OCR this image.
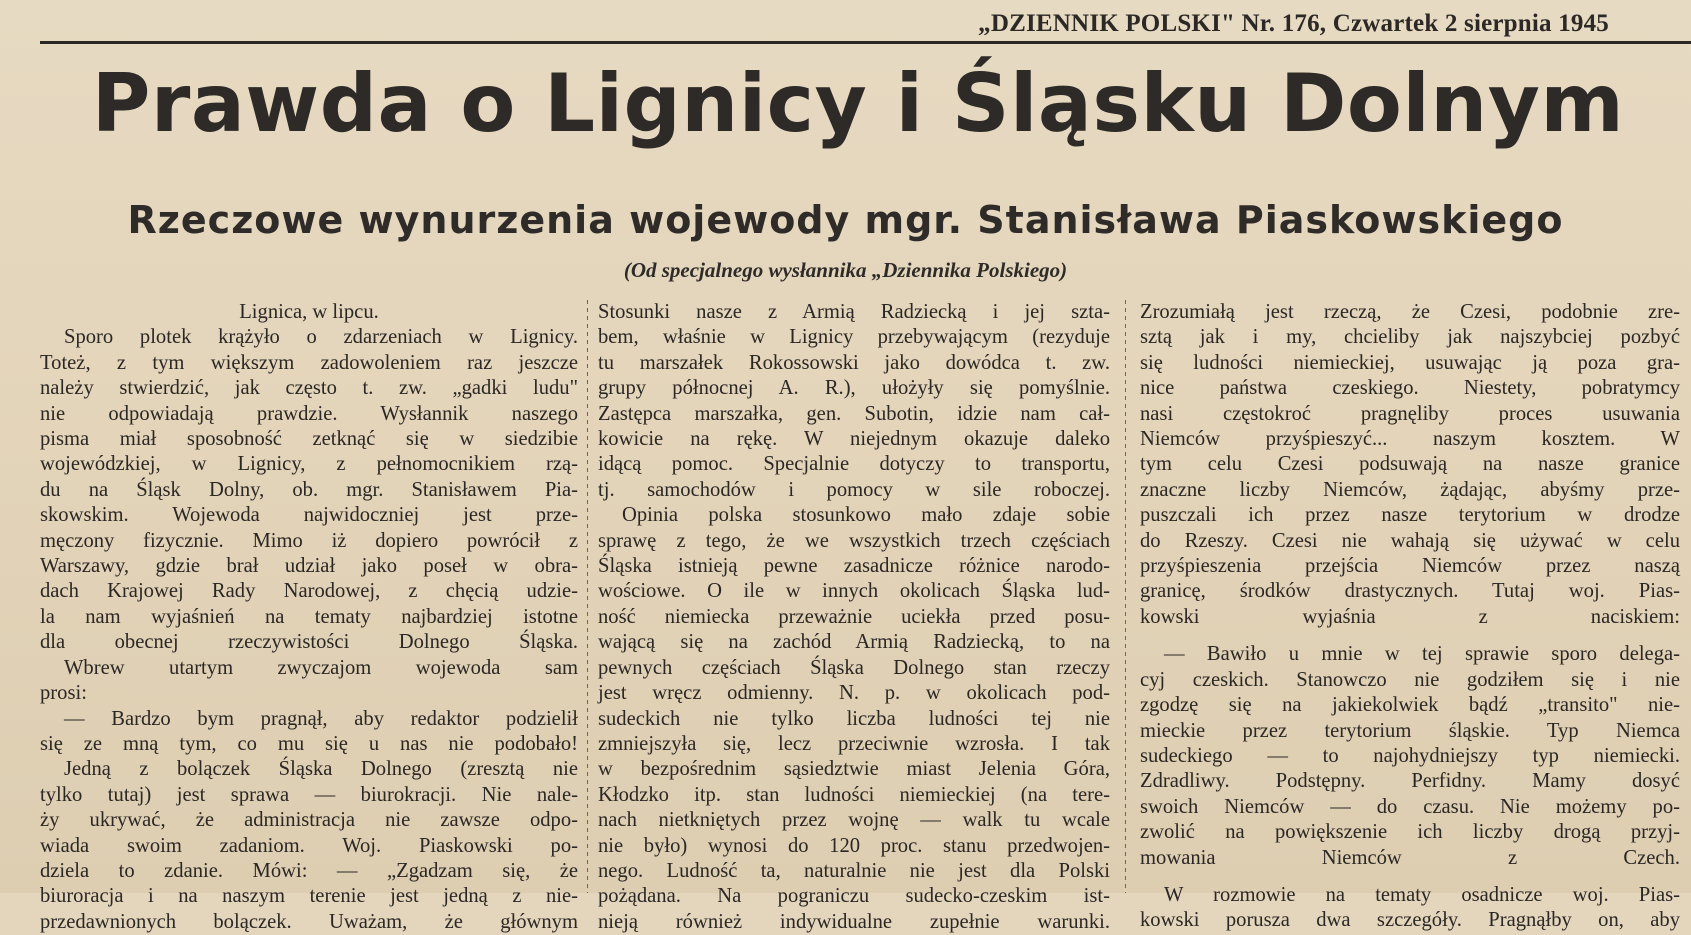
„DZIENNIK POLSKI" Nr. 176, Czwartek 2 sierpnia 1945
Prawda o Lignicy i Śląsku Dolnym
Rzeczowe wynurzenia wojewody mgr. Stanisława Piaskowskiego
(Od specjalnego wysłannika „Dziennika Polskiego)

Lignica, w lipcu.

Sporo plotek krążyło o zdarzeniach w Lignicy.

Toteż, z tym większym zadowoleniem raz jeszcze

należy stwierdzić, jak często t. zw. „gadki ludu"

nie odpowiadają prawdzie. Wysłannik naszego

pisma miał sposobność zetknąć się w siedzibie

wojewódzkiej, w Lignicy, z pełnomocnikiem rzą-

du na Śląsk Dolny, ob. mgr. Stanisławem Pia-

skowskim. Wojewoda najwidoczniej jest prze-

męczony fizycznie. Mimo iż dopiero powrócił z

Warszawy, gdzie brał udział jako poseł w obra-

dach Krajowej Rady Narodowej, z chęcią udzie-

la nam wyjaśnień na tematy najbardziej istotne

dla obecnej rzeczywistości Dolnego Śląska.

Wbrew utartym zwyczajom wojewoda sam

prosi:

— Bardzo bym pragnął, aby redaktor podzielił

się ze mną tym, co mu się u nas nie podobało!

Jedną z bolączek Śląska Dolnego (zresztą nie

tylko tutaj) jest sprawa — biurokracji. Nie nale-

ży ukrywać, że administracja nie zawsze odpo-

wiada swoim zadaniom. Woj. Piaskowski po-

dziela to zdanie. Mówi: — „Zgadzam się, że

biuroracja i na naszym terenie jest jedną z nie-

przedawnionych bolączek. Uważam, że głównym

Stosunki nasze z Armią Radziecką i jej szta-

bem, właśnie w Lignicy przebywającym (rezyduje

tu marszałek Rokossowski jako dowódca t. zw.

grupy północnej A. R.), ułożyły się pomyślnie.

Zastępca marszałka, gen. Subotin, idzie nam cał-

kowicie na rękę. W niejednym okazuje daleko

idącą pomoc. Specjalnie dotyczy to transportu,

tj. samochodów i pomocy w sile roboczej.

Opinia polska stosunkowo mało zdaje sobie

sprawę z tego, że we wszystkich trzech częściach

Śląska istnieją pewne zasadnicze różnice narodo-

wościowe. O ile w innych okolicach Śląska lud-

ność niemiecka przeważnie uciekła przed posu-

wającą się na zachód Armią Radziecką, to na

pewnych częściach Śląska Dolnego stan rzeczy

jest wręcz odmienny. N. p. w okolicach pod-

sudeckich nie tylko liczba ludności tej nie

zmniejszyła się, lecz przeciwnie wzrosła. I tak

w bezpośrednim sąsiedztwie miast Jelenia Góra,

Kłodzko itp. stan ludności niemieckiej (na tere-

nach nietkniętych przez wojnę — walk tu wcale

nie było) wynosi do 120 proc. stanu przedwojen-

nego. Ludność ta, naturalnie nie jest dla Polski

pożądana. Na pograniczu sudecko-czeskim ist-

nieją również indywidualne zupełnie warunki.

Zrozumiałą jest rzeczą, że Czesi, podobnie zre-

sztą jak i my, chcieliby jak najszybciej pozbyć

się ludności niemieckiej, usuwając ją poza gra-

nice państwa czeskiego. Niestety, pobratymcy

nasi częstokroć pragnęliby proces usuwania

Niemców przyśpieszyć... naszym kosztem. W

tym celu Czesi podsuwają na nasze granice

znaczne liczby Niemców, żądając, abyśmy prze-

puszczali ich przez nasze terytorium w drodze

do Rzeszy. Czesi nie wahają się używać w celu

przyśpieszenia przejścia Niemców przez naszą

granicę, środków drastycznych. Tutaj woj. Pias-

kowski wyjaśnia z naciskiem:

— Bawiło u mnie w tej sprawie sporo delega-

cyj czeskich. Stanowczo nie godziłem się i nie

zgodzę się na jakiekolwiek bądź „transito" nie-

mieckie przez terytorium śląskie. Typ Niemca

sudeckiego — to najohydniejszy typ niemiecki.

Zdradliwy. Podstępny. Perfidny. Mamy dosyć

swoich Niemców — do czasu. Nie możemy po-

zwolić na powiększenie ich liczby drogą przyj-

mowania Niemców z Czech.

W rozmowie na tematy osadnicze woj. Pias-

kowski porusza dwa szczegóły. Pragnąłby on, aby
